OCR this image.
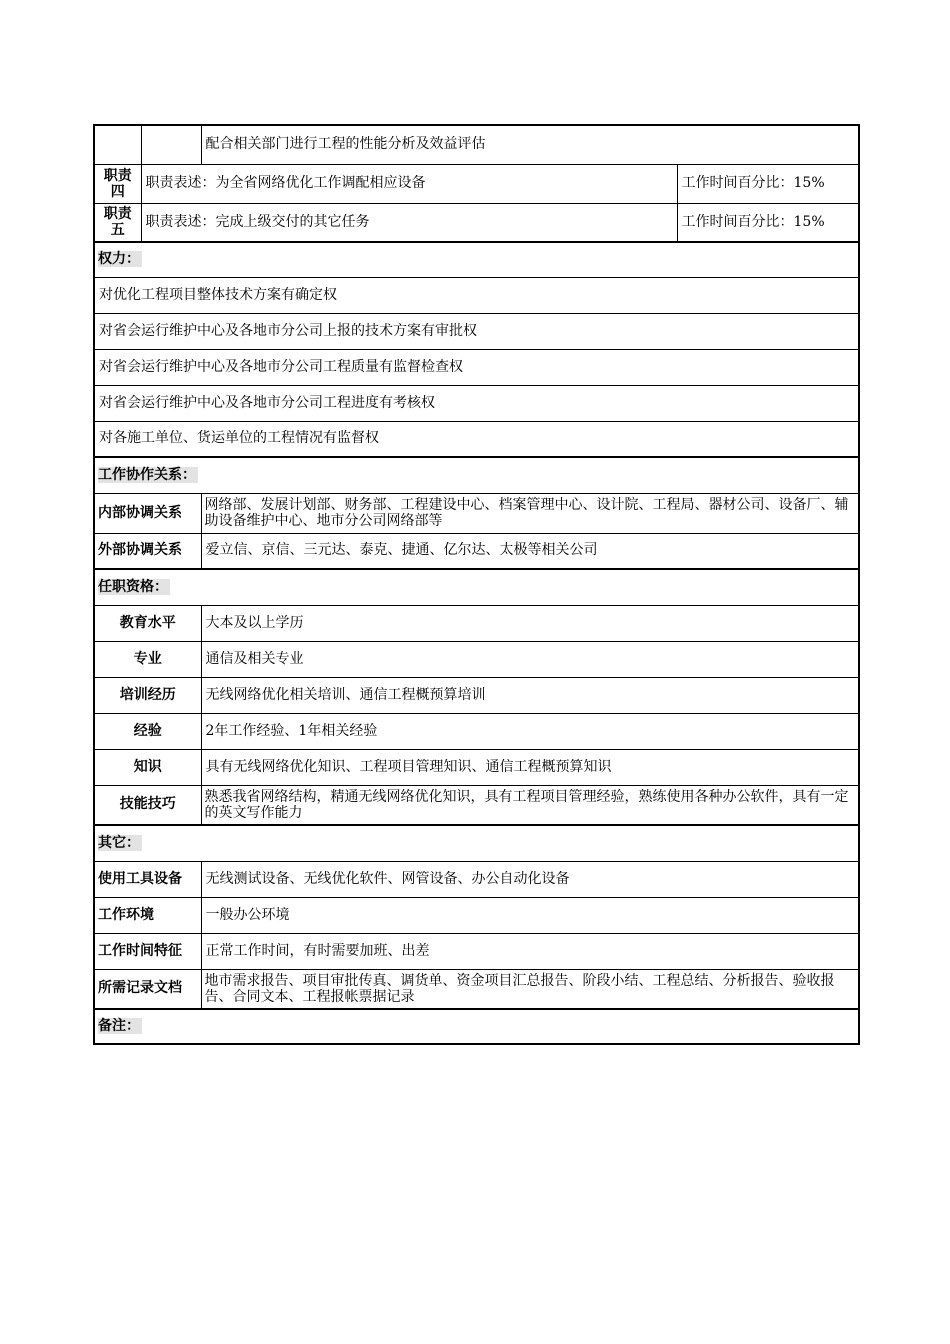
		配合相关部门进行工程的性能分析及效益评估	

职责
四	职责表述：为全省网络优化工作调配相应设备		工作时间百分比：15%

职责
五	职责表述：完成上级交付的其它任务		工作时间百分比：15%
权力：			
对优化工程项目整体技术方案有确定权			
对省会运行维护中心及各地市分公司上报的技术方案有审批权			
对省会运行维护中心及各地市分公司工程质量有监督检查权			
对省会运行维护中心及各地市分公司工程进度有考核权			
对各施工单位、货运单位的工程情况有监督权			
工作协作关系：			
内部协调关系		网络部、发展计划部、财务部、工程建设中心、档案管理中心、设计院、工程局、器材公司、设备厂、辅助设备维护中心、地市分公司网络部等	
外部协调关系		爱立信、京信、三元达、泰克、捷通、亿尔达、太极等相关公司	
任职资格：			
教育水平		大本及以上学历	
专业		通信及相关专业	
培训经历		无线网络优化相关培训、通信工程概预算培训	
经验		2年工作经验、1年相关经验	
知识		具有无线网络优化知识、工程项目管理知识、通信工程概预算知识	
技能技巧		熟悉我省网络结构，精通无线网络优化知识，具有工程项目管理经验，熟练使用各种办公软件，具有一定的英文写作能力	
其它：			
使用工具设备		无线测试设备、无线优化软件、网管设备、办公自动化设备	
工作环境		一般办公环境	
工作时间特征		正常工作时间，有时需要加班、出差	
所需记录文档		地市需求报告、项目审批传真、调货单、资金项目汇总报告、阶段小结、工程总结、分析报告、验收报告、合同文本、工程报帐票据记录	
备注：			
